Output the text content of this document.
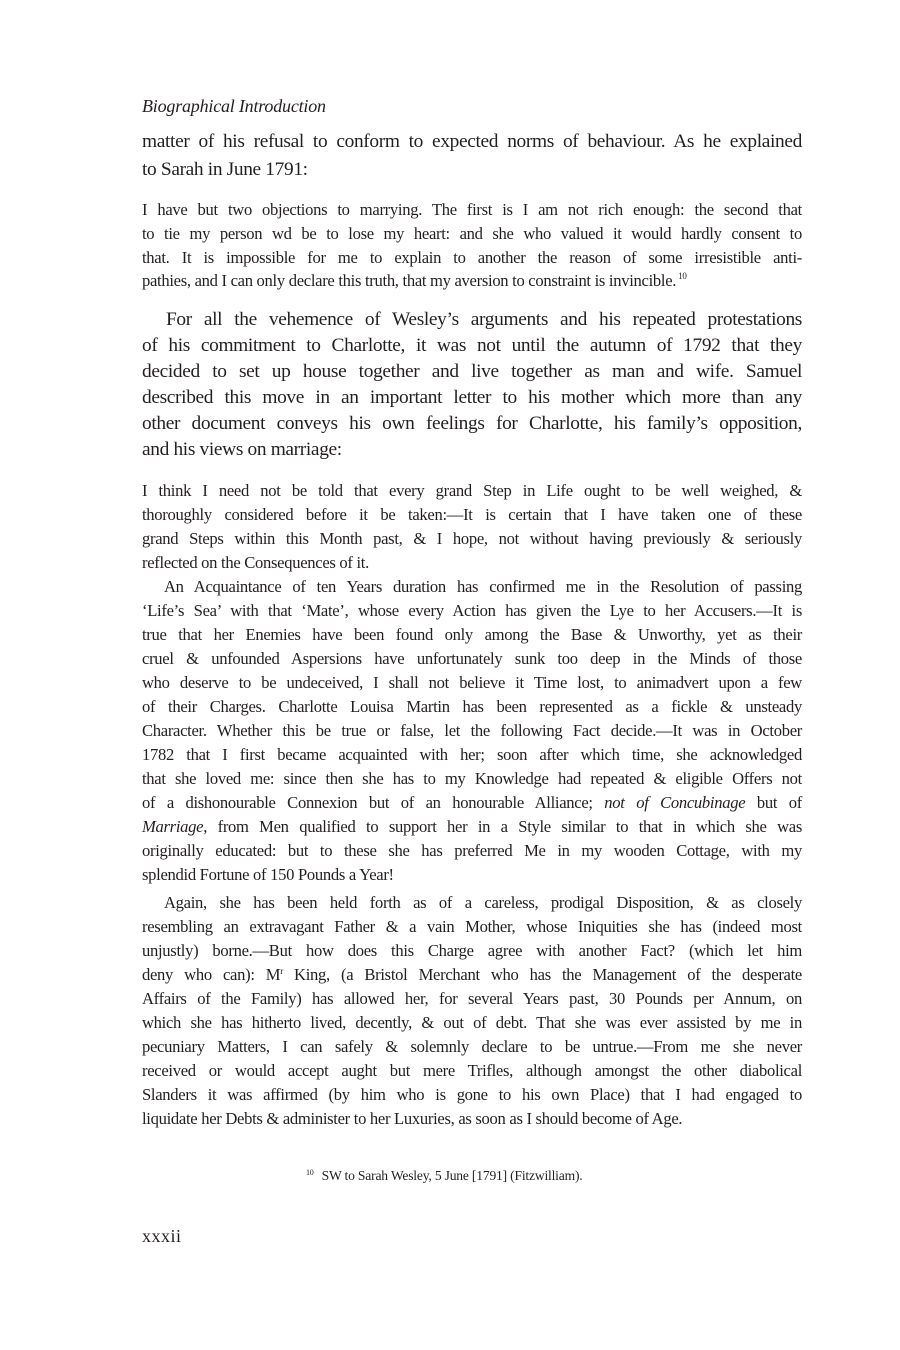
Biographical Introduction
matter of his refusal to conform to expected norms of behaviour. As he explained
to Sarah in June 1791:
I have but two objections to marrying. The first is I am not rich enough: the second that
to tie my person wd be to lose my heart: and she who valued it would hardly consent to
that. It is impossible for me to explain to another the reason of some irresistible anti-
pathies, and I can only declare this truth, that my aversion to constraint is invincible. $^{10}$
For all the vehemence of Wesley’s arguments and his repeated protestations
of his commitment to Charlotte, it was not until the autumn of 1792 that they
decided to set up house together and live together as man and wife. Samuel
described this move in an important letter to his mother which more than any
other document conveys his own feelings for Charlotte, his family’s opposition,
and his views on marriage:
I think I need not be told that every grand Step in Life ought to be well weighed, &
thoroughly considered before it be taken:—It is certain that I have taken one of these
grand Steps within this Month past, & I hope, not without having previously & seriously
reflected on the Consequences of it.
An Acquaintance of ten Years duration has confirmed me in the Resolution of passing
‘Life’s Sea’ with that ‘Mate’, whose every Action has given the Lye to her Accusers.—It is
true that her Enemies have been found only among the Base & Unworthy, yet as their
cruel & unfounded Aspersions have unfortunately sunk too deep in the Minds of those
who deserve to be undeceived, I shall not believe it Time lost, to animadvert upon a few
of their Charges. Charlotte Louisa Martin has been represented as a fickle & unsteady
Character. Whether this be true or false, let the following Fact decide.—It was in October
1782 that I first became acquainted with her; soon after which time, she acknowledged
that she loved me: since then she has to my Knowledge had repeated & eligible Offers not
of a dishonourable Connexion but of an honourable Alliance; not of Concubinage but of
Marriage, from Men qualified to support her in a Style similar to that in which she was
originally educated: but to these she has preferred Me in my wooden Cottage, with my
splendid Fortune of 150 Pounds a Year!
Again, she has been held forth as of a careless, prodigal Disposition, & as closely
resembling an extravagant Father & a vain Mother, whose Iniquities she has (indeed most
unjustly) borne.—But how does this Charge agree with another Fact? (which let him
deny who can): $M^r$ King, (a Bristol Merchant who has the Management of the desperate
Affairs of the Family) has allowed her, for several Years past, 30 Pounds per Annum, on
which she has hitherto lived, decently, & out of debt. That she was ever assisted by me in
pecuniary Matters, I can safely & solemnly declare to be untrue.—From me she never
received or would accept aught but mere Trifles, although amongst the other diabolical
Slanders it was affirmed (by him who is gone to his own Place) that I had engaged to
liquidate her Debts & administer to her Luxuries, as soon as I should become of Age.
$^{10}$ SW to Sarah Wesley, 5 June [1791] (Fitzwilliam).
xxxii
